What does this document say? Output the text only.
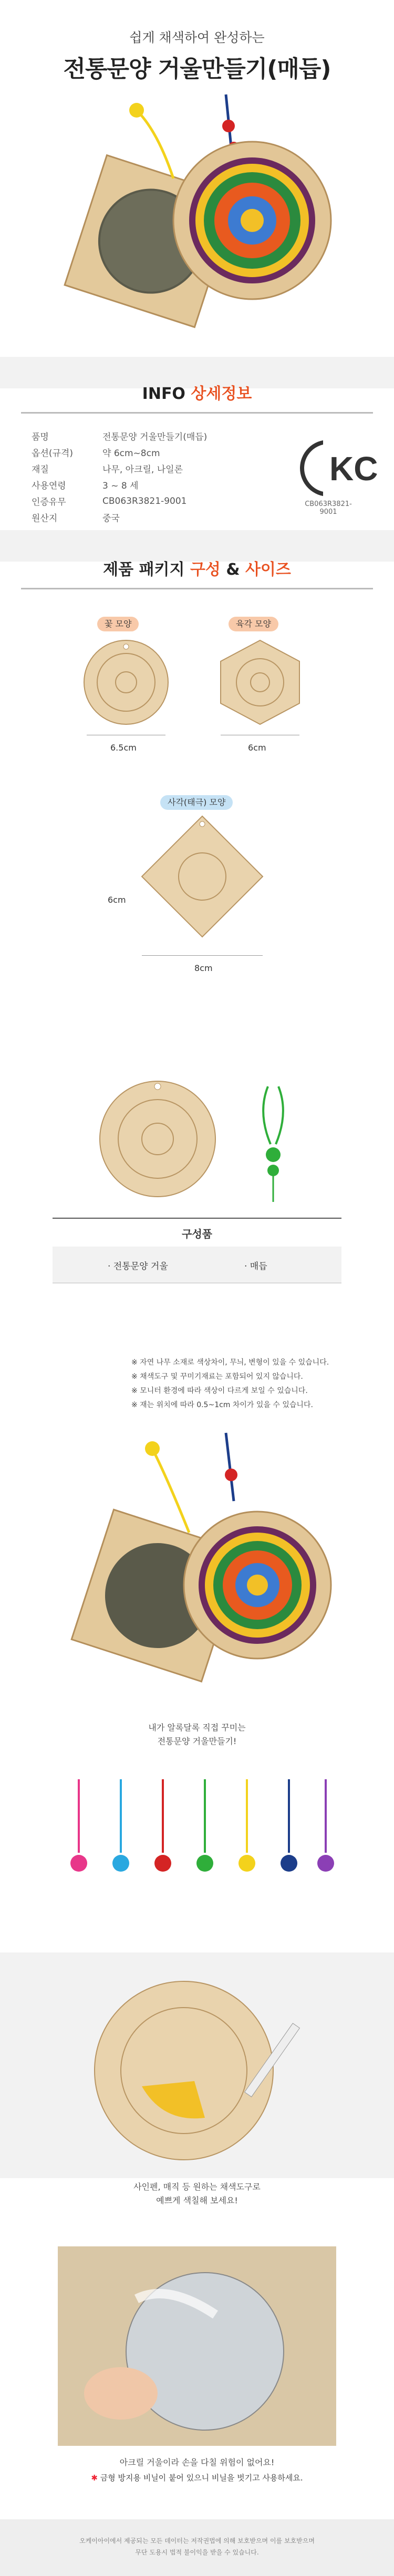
쉽게 채색하여 완성하는
전통문양 거울만들기(매듭)
INFO 상세정보
품명	전통문양 거울만들기(매듭)
옵션(규격)	약 6cm~8cm
재질	나무, 아크릴, 나일론
사용연령	3 ~ 8 세
인증유무	CB063R3821-9001
원산지	중국
KC
CB063R3821-9001
제품 패키지 구성 & 사이즈
꽃 모양
6.5cm
육각 모양
6cm
사각(태극) 모양
6cm
8cm
구성품
· 전통문양 거울	· 매듭
※ 자연 나무 소재로 색상차이, 무늬, 변형이 있을 수 있습니다.
※ 채색도구 및 꾸미기재료는 포함되어 있지 않습니다.
※ 모니터 환경에 따라 색상이 다르게 보일 수 있습니다.
※ 재는 위치에 따라 0.5~1cm 차이가 있을 수 있습니다.
내가 알록달록 직접 꾸미는
전통문양 거울만들기!
사인펜, 매직 등 원하는 채색도구로
예쁘게 색칠해 보세요!
아크릴 거울이라 손을 다칠 위험이 없어요!
✱ 금형 방지용 비닐이 붙어 있으니 비닐을 벗기고 사용하세요.
오케이아이에서 제공되는 모든 데이터는 저작권법에 의해 보호받으며 이를 보호받으며
무단 도용시 법적 불이익을 받을 수 있습니다.
